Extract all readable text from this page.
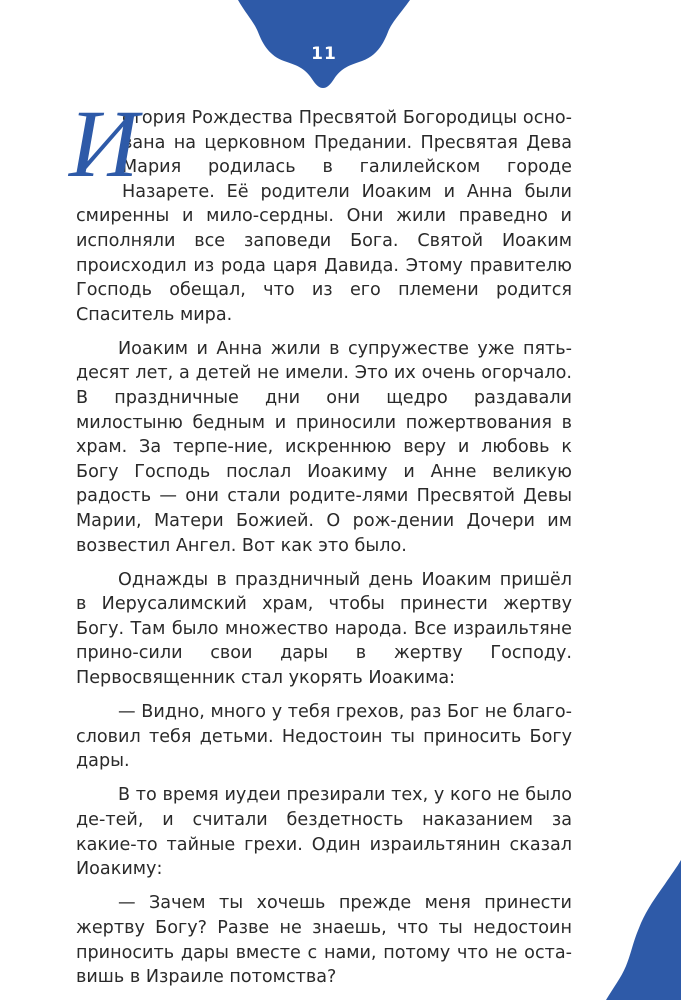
11

И
стория Рождества Пресвятой Богородицы осно-вана на церковном Предании. Пресвятая Дева Мария родилась в галилейском городе Назарете. Её родители Иоаким и Анна были смиренны и мило-сердны. Они жили праведно и исполняли все заповеди Бога. Святой Иоаким происходил из рода царя Давида. Этому правителю Господь обещал, что из его племени родится Спаситель мира.

Иоаким и Анна жили в супружестве уже пять-десят лет, а детей не имели. Это их очень огорчало. В праздничные дни они щедро раздавали милостыню бедным и приносили пожертвования в храм. За терпе-ние, искреннюю веру и любовь к Богу Господь послал Иоакиму и Анне великую радость — они стали родите-лями Пресвятой Девы Марии, Матери Божией. О рож-дении Дочери им возвестил Ангел. Вот как это было.

Однажды в праздничный день Иоаким пришёл в Иерусалимский храм, чтобы принести жертву Богу. Там было множество народа. Все израильтяне прино-сили свои дары в жертву Господу. Первосвященник стал укорять Иоакима:

— Видно, много у тебя грехов, раз Бог не благо-словил тебя детьми. Недостоин ты приносить Богу дары.

В то время иудеи презирали тех, у кого не было де-тей, и считали бездетность наказанием за какие-то тайные грехи. Один израильтянин сказал Иоакиму:

— Зачем ты хочешь прежде меня принести жертву Богу? Разве не знаешь, что ты недостоин приносить дары вместе с нами, потому что не оста-вишь в Израиле потомства?
